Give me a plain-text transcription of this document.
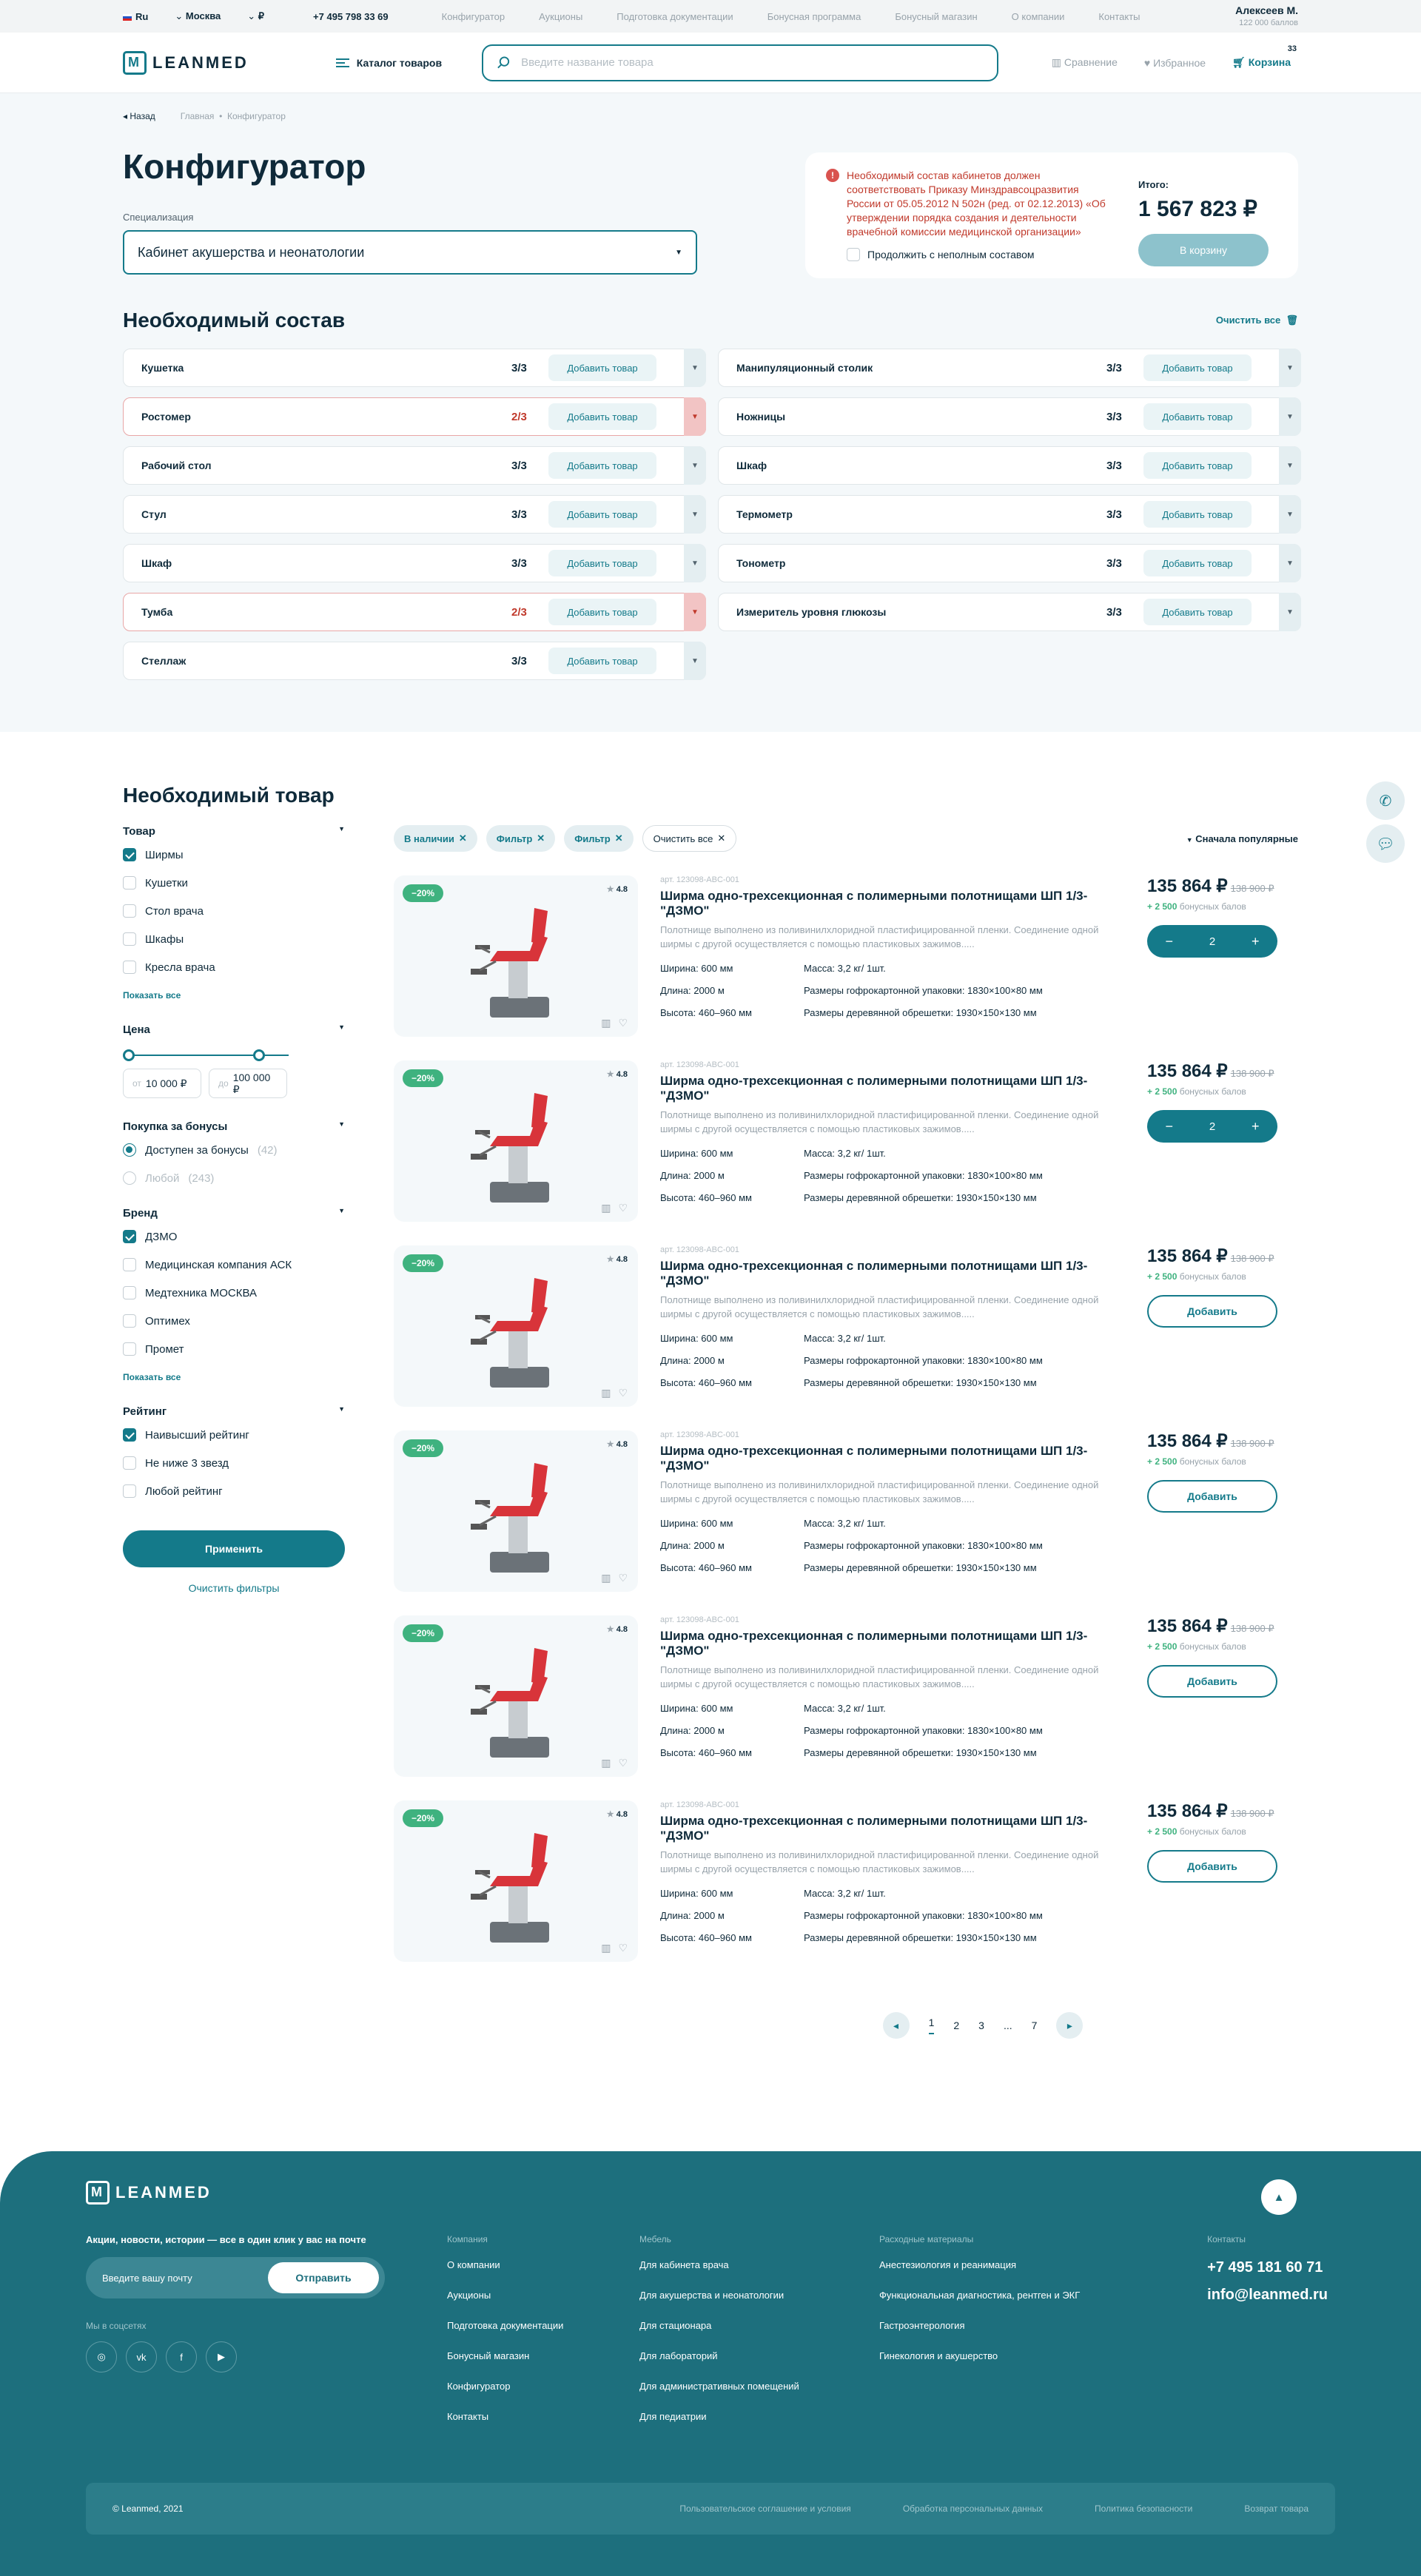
Ru	⌄ Москва	⌄ ₽	+7 495 798 33 69	Конфигуратор	Аукционы	Подготовка документации	Бонусная программа	Бонусный магазин	О компании	Контакты	Алексеев М.
122 000 баллов
M
LEANMED	Каталог товаров
Введите название товара	▥ Сравнение	♥ Избранное	🛒︎ Корзина
33
◂ Назад	Главная  •  Конфигуратор
Конфигуратор
Специализация
Кабинет акушерства и неонатологии	▼
!	Необходимый состав кабинетов должен соответствовать Приказу Минздравсоцразвития России от 05.05.2012 N 502н (ред. от 02.12.2013) «Об утверждении порядка создания и деятельности врачебной комиссии медицинской организации»
Продолжить с неполным составом
Итого:
1 567 823 ₽
В корзину
Необходимый состав	Очистить все 🗑︎
Кушетка	3/3	Добавить товар	▼
Ростомер	2/3	Добавить товар	▼
Рабочий стол	3/3	Добавить товар	▼
Стул	3/3	Добавить товар	▼
Шкаф	3/3	Добавить товар	▼
Тумба	2/3	Добавить товар	▼
Стеллаж	3/3	Добавить товар	▼
Манипуляционный столик	3/3	Добавить товар	▼
Ножницы	3/3	Добавить товар	▼
Шкаф	3/3	Добавить товар	▼
Термометр	3/3	Добавить товар	▼
Тонометр	3/3	Добавить товар	▼
Измеритель уровня глюкозы	3/3	Добавить товар	▼
✆
💬︎
Необходимый товар
Товар	▼
Ширмы
Кушетки
Стол врача
Шкафы
Кресла врача
Показать все
Цена	▼
от 10 000 ₽	до
100 000 ₽
Покупка за бонусы	▼
Доступен за бонусы (42)
Любой (243)
Бренд	▼
ДЗМО
Медицинская компания АСК
Медтехника МОСКВА
Оптимех
Промет
Показать все
Рейтинг	▼
Наивысший рейтинг
Не ниже 3 звезд
Любой рейтинг
Применить
Очистить фильтры
В наличии ✕	Фильтр ✕	Фильтр ✕	Очистить все ✕	▼ Сначала популярные
−20%	★ 4.8
▥ ♡
арт. 123098-ABC-001
Ширма одно-трехсекционная с полимерными полотнищами ШП 1/3-"ДЗМО"
Полотнище выполнено из поливинилхлоридной пластифицированной пленки. Соединение одной ширмы с другой осуществляется с помощью пластиковых зажимов.....
Ширина: 600 мм	Масса: 3,2 кг/ 1шт.
Длина: 2000 м	Размеры гофрокартонной упаковки: 1830×100×80 мм
Высота: 460–960 мм	Размеры деревянной обрешетки: 1930×150×130 мм
135 864 ₽ 138 900 ₽
+ 2 500 бонусных балов
−	2	+
−20%	★ 4.8
▥ ♡
арт. 123098-ABC-001
Ширма одно-трехсекционная с полимерными полотнищами ШП 1/3-"ДЗМО"
Полотнище выполнено из поливинилхлоридной пластифицированной пленки. Соединение одной ширмы с другой осуществляется с помощью пластиковых зажимов.....
Ширина: 600 мм	Масса: 3,2 кг/ 1шт.
Длина: 2000 м	Размеры гофрокартонной упаковки: 1830×100×80 мм
Высота: 460–960 мм	Размеры деревянной обрешетки: 1930×150×130 мм
135 864 ₽ 138 900 ₽
+ 2 500 бонусных балов
−	2	+
−20%	★ 4.8
▥ ♡
арт. 123098-ABC-001
Ширма одно-трехсекционная с полимерными полотнищами ШП 1/3-"ДЗМО"
Полотнище выполнено из поливинилхлоридной пластифицированной пленки. Соединение одной ширмы с другой осуществляется с помощью пластиковых зажимов.....
Ширина: 600 мм	Масса: 3,2 кг/ 1шт.
Длина: 2000 м	Размеры гофрокартонной упаковки: 1830×100×80 мм
Высота: 460–960 мм	Размеры деревянной обрешетки: 1930×150×130 мм
135 864 ₽ 138 900 ₽
+ 2 500 бонусных балов
Добавить
−20%	★ 4.8
▥ ♡
арт. 123098-ABC-001
Ширма одно-трехсекционная с полимерными полотнищами ШП 1/3-"ДЗМО"
Полотнище выполнено из поливинилхлоридной пластифицированной пленки. Соединение одной ширмы с другой осуществляется с помощью пластиковых зажимов.....
Ширина: 600 мм	Масса: 3,2 кг/ 1шт.
Длина: 2000 м	Размеры гофрокартонной упаковки: 1830×100×80 мм
Высота: 460–960 мм	Размеры деревянной обрешетки: 1930×150×130 мм
135 864 ₽ 138 900 ₽
+ 2 500 бонусных балов
Добавить
−20%	★ 4.8
▥ ♡
арт. 123098-ABC-001
Ширма одно-трехсекционная с полимерными полотнищами ШП 1/3-"ДЗМО"
Полотнище выполнено из поливинилхлоридной пластифицированной пленки. Соединение одной ширмы с другой осуществляется с помощью пластиковых зажимов.....
Ширина: 600 мм	Масса: 3,2 кг/ 1шт.
Длина: 2000 м	Размеры гофрокартонной упаковки: 1830×100×80 мм
Высота: 460–960 мм	Размеры деревянной обрешетки: 1930×150×130 мм
135 864 ₽ 138 900 ₽
+ 2 500 бонусных балов
Добавить
−20%	★ 4.8
▥ ♡
арт. 123098-ABC-001
Ширма одно-трехсекционная с полимерными полотнищами ШП 1/3-"ДЗМО"
Полотнище выполнено из поливинилхлоридной пластифицированной пленки. Соединение одной ширмы с другой осуществляется с помощью пластиковых зажимов.....
Ширина: 600 мм	Масса: 3,2 кг/ 1шт.
Длина: 2000 м	Размеры гофрокартонной упаковки: 1830×100×80 мм
Высота: 460–960 мм	Размеры деревянной обрешетки: 1930×150×130 мм
135 864 ₽ 138 900 ₽
+ 2 500 бонусных балов
Добавить
◂	1 2 3 ... 7	▸
M
LEANMED	▲

Акции, новости, истории — все в один клик у вас на почте

Введите вашу почту	Отправить
Мы в соцсетях
◎	vk	f	▶
Компания
О компании
Аукционы
Подготовка документации
Бонусный магазин
Конфигуратор
Контакты
Мебель
Для кабинета врача
Для акушерства и неонатологии
Для стационара
Для лабораторий
Для административных помещений
Для педиатрии
Расходные материалы
Анестезиология и реанимация
Функциональная диагностика, рентген и ЭКГ
Гастроэнтерология
Гинекология и акушерство
Контакты
+7 495 181 60 71
info@leanmed.ru
© Leanmed, 2021	Пользовательское соглашение и условия	Обработка персональных данных	Политика безопасности	Возврат товара
